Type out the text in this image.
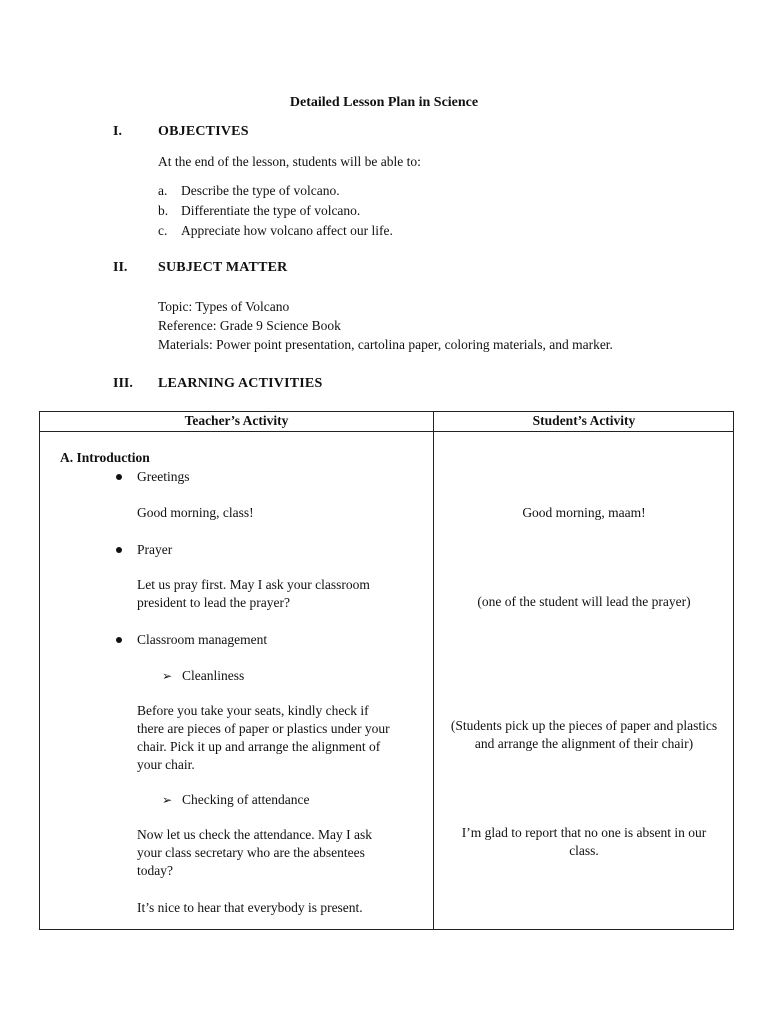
Detailed Lesson Plan in Science
I.	OBJECTIVES
At the end of the lesson, students will be able to:
a. Describe the type of volcano.
b. Differentiate the type of volcano.
c. Appreciate how volcano affect our life.
II. SUBJECT MATTER
Topic: Types of Volcano
Reference: Grade 9 Science Book
Materials: Power point presentation, cartolina paper, coloring materials, and marker.
III. LEARNING ACTIVITIES
Teacher’s Activity	Student’s Activity
A. Introduction
Greetings
Good morning, class!
Prayer
Let us pray first. May I ask your classroom
president to lead the prayer?
Classroom management
➢ Cleanliness
Before you take your seats, kindly check if
there are pieces of paper or plastics under your
chair. Pick it up and arrange the alignment of
your chair.
➢ Checking of attendance
Now let us check the attendance. May I ask
your class secretary who are the absentees
today?
It’s nice to hear that everybody is present.
Good morning, maam!
(one of the student will lead the prayer)
(Students pick up the pieces of paper and plastics and arrange the alignment of their chair)
I’m glad to report that no one is absent in our class.
